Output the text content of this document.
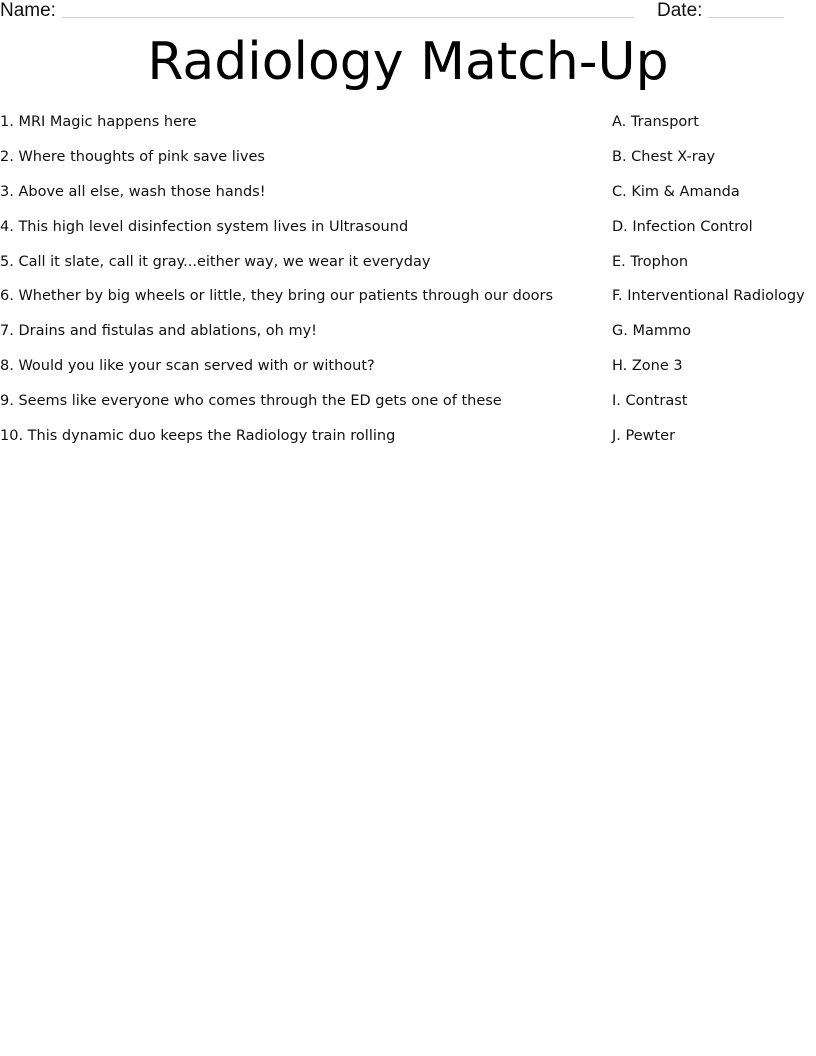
Name:	Date:
Radiology Match-Up
1. MRI Magic happens here
2. Where thoughts of pink save lives
3. Above all else, wash those hands!
4. This high level disinfection system lives in Ultrasound
5. Call it slate, call it gray...either way, we wear it everyday
6. Whether by big wheels or little, they bring our patients through our doors
7. Drains and fistulas and ablations, oh my!
8. Would you like your scan served with or without?
9. Seems like everyone who comes through the ED gets one of these
10. This dynamic duo keeps the Radiology train rolling
A. Transport
B. Chest X-ray
C. Kim & Amanda
D. Infection Control
E. Trophon
F. Interventional Radiology
G. Mammo
H. Zone 3
I. Contrast
J. Pewter
